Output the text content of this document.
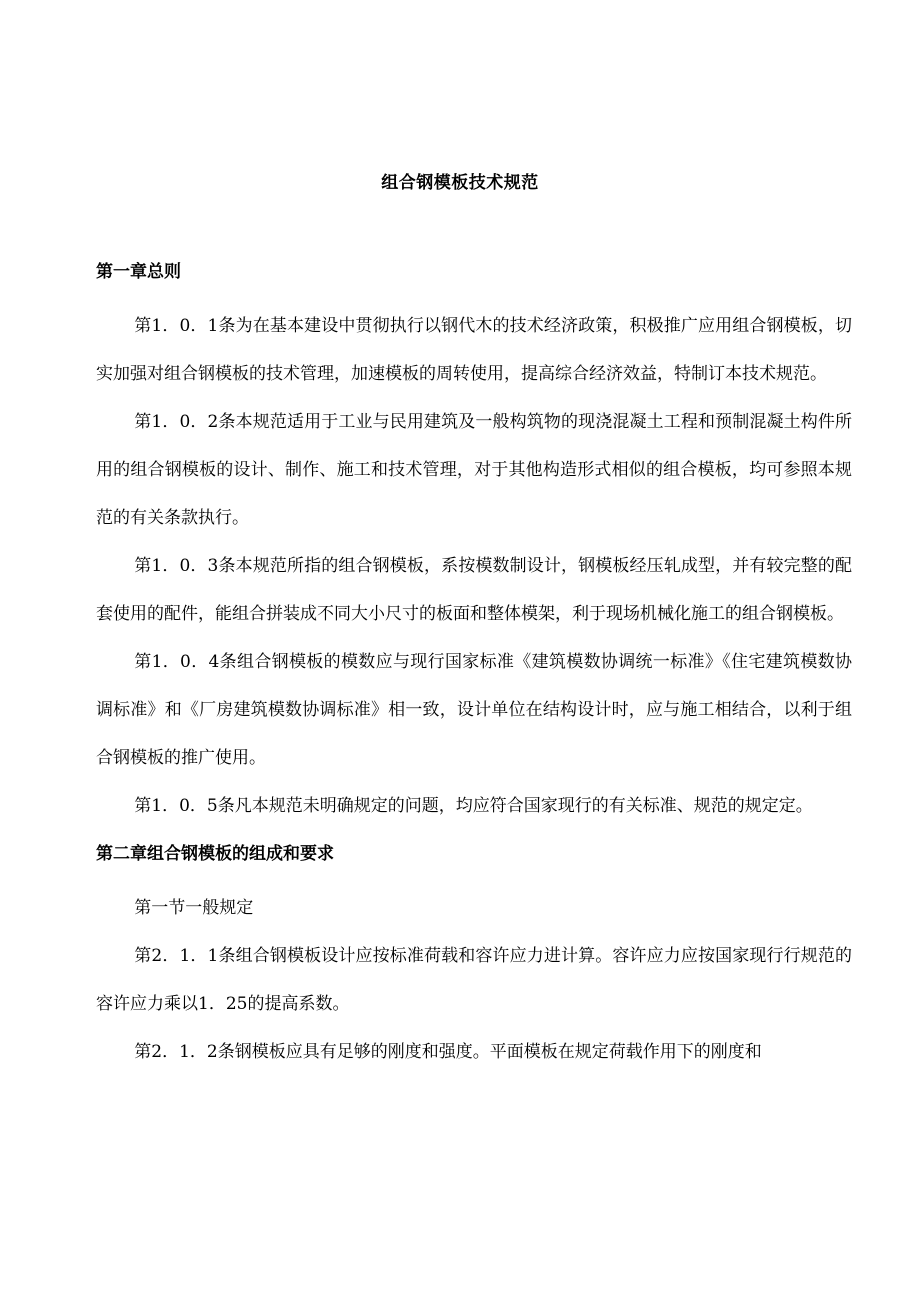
组合钢模板技术规范
第一章总则

第1．0．1条为在基本建设中贯彻执行以钢代木的技术经济政策，积极推广应用组合钢模板，切实加强对组合钢模板的技术管理，加速模板的周转使用，提高综合经济效益，特制订本技术规范。

第1．0．2条本规范适用于工业与民用建筑及一般构筑物的现浇混凝土工程和预制混凝土构件所用的组合钢模板的设计、制作、施工和技术管理，对于其他构造形式相似的组合模板，均可参照本规范的有关条款执行。

第1．0．3条本规范所指的组合钢模板，系按模数制设计，钢模板经压轧成型，并有较完整的配套使用的配件，能组合拼装成不同大小尺寸的板面和整体模架，利于现场机械化施工的组合钢模板。

第1．0．4条组合钢模板的模数应与现行国家标准《建筑模数协调统一标准》《住宅建筑模数协调标准》和《厂房建筑模数协调标准》相一致，设计单位在结构设计时，应与施工相结合，以利于组合钢模板的推广使用。

第1．0．5条凡本规范未明确规定的问题，均应符合国家现行的有关标准、规范的规定定。

第二章组合钢模板的组成和要求

第一节一般规定

第2．1．1条组合钢模板设计应按标准荷载和容许应力进计算。容许应力应按国家现行行规范的容许应力乘以1．25的提高系数。

第2．1．2条钢模板应具有足够的刚度和强度。平面模板在规定荷载作用下的刚度和
